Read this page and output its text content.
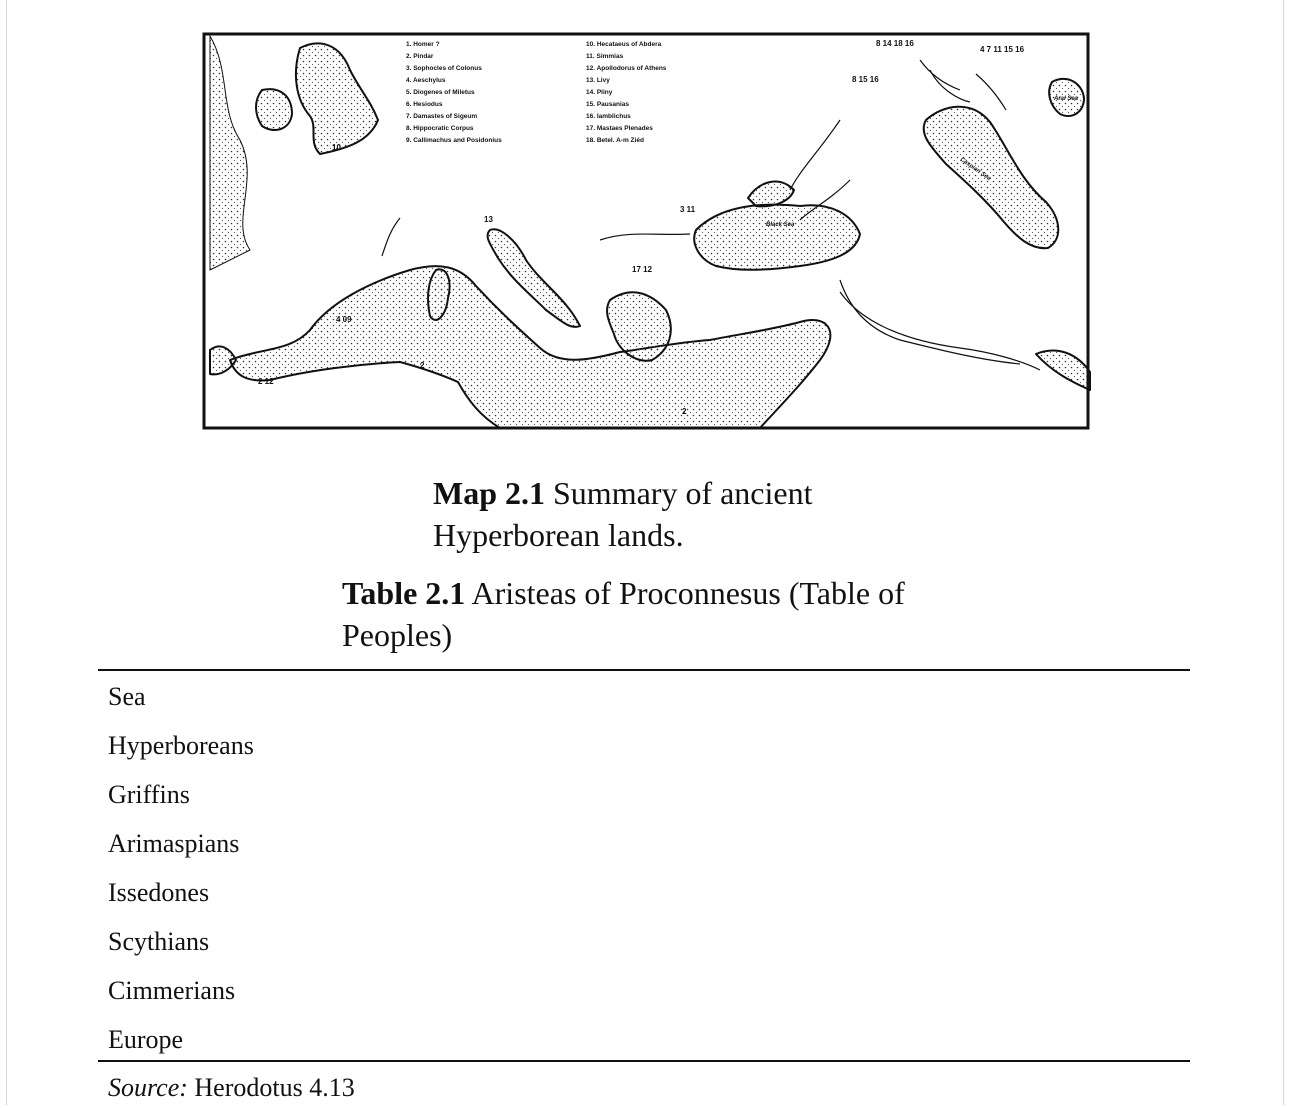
1. Homer ?
2. Pindar
3. Sophocles of Colonus
4. Aeschylus
5. Diogenes of Miletus
6. Hesiodus
7. Damastes of Sigeum
8. Hippocratic Corpus
9. Callimachus and Posidonius
10. Hecataeus of Abdera
11. Simmias
12. Apollodorus of Athens
13. Livy
14. Pliny
15. Pausanias
16. Iamblichus
17. Mastaes Plenades
18. Betel. A-m Ziéd
8 14 18 16
4 7 11 15 16
8 15 16
10
4 09
13
2 12
2
2
17 12
3 11
Black Sea
Caspian Sea
Aral Sea
Map 2.1 Summary of ancient Hyperborean lands.
Table 2.1 Aristeas of Proconnesus (Table of Peoples)
Sea
Hyperboreans
Griffins
Arimaspians
Issedones
Scythians
Cimmerians
Europe
Source: Herodotus 4.13
